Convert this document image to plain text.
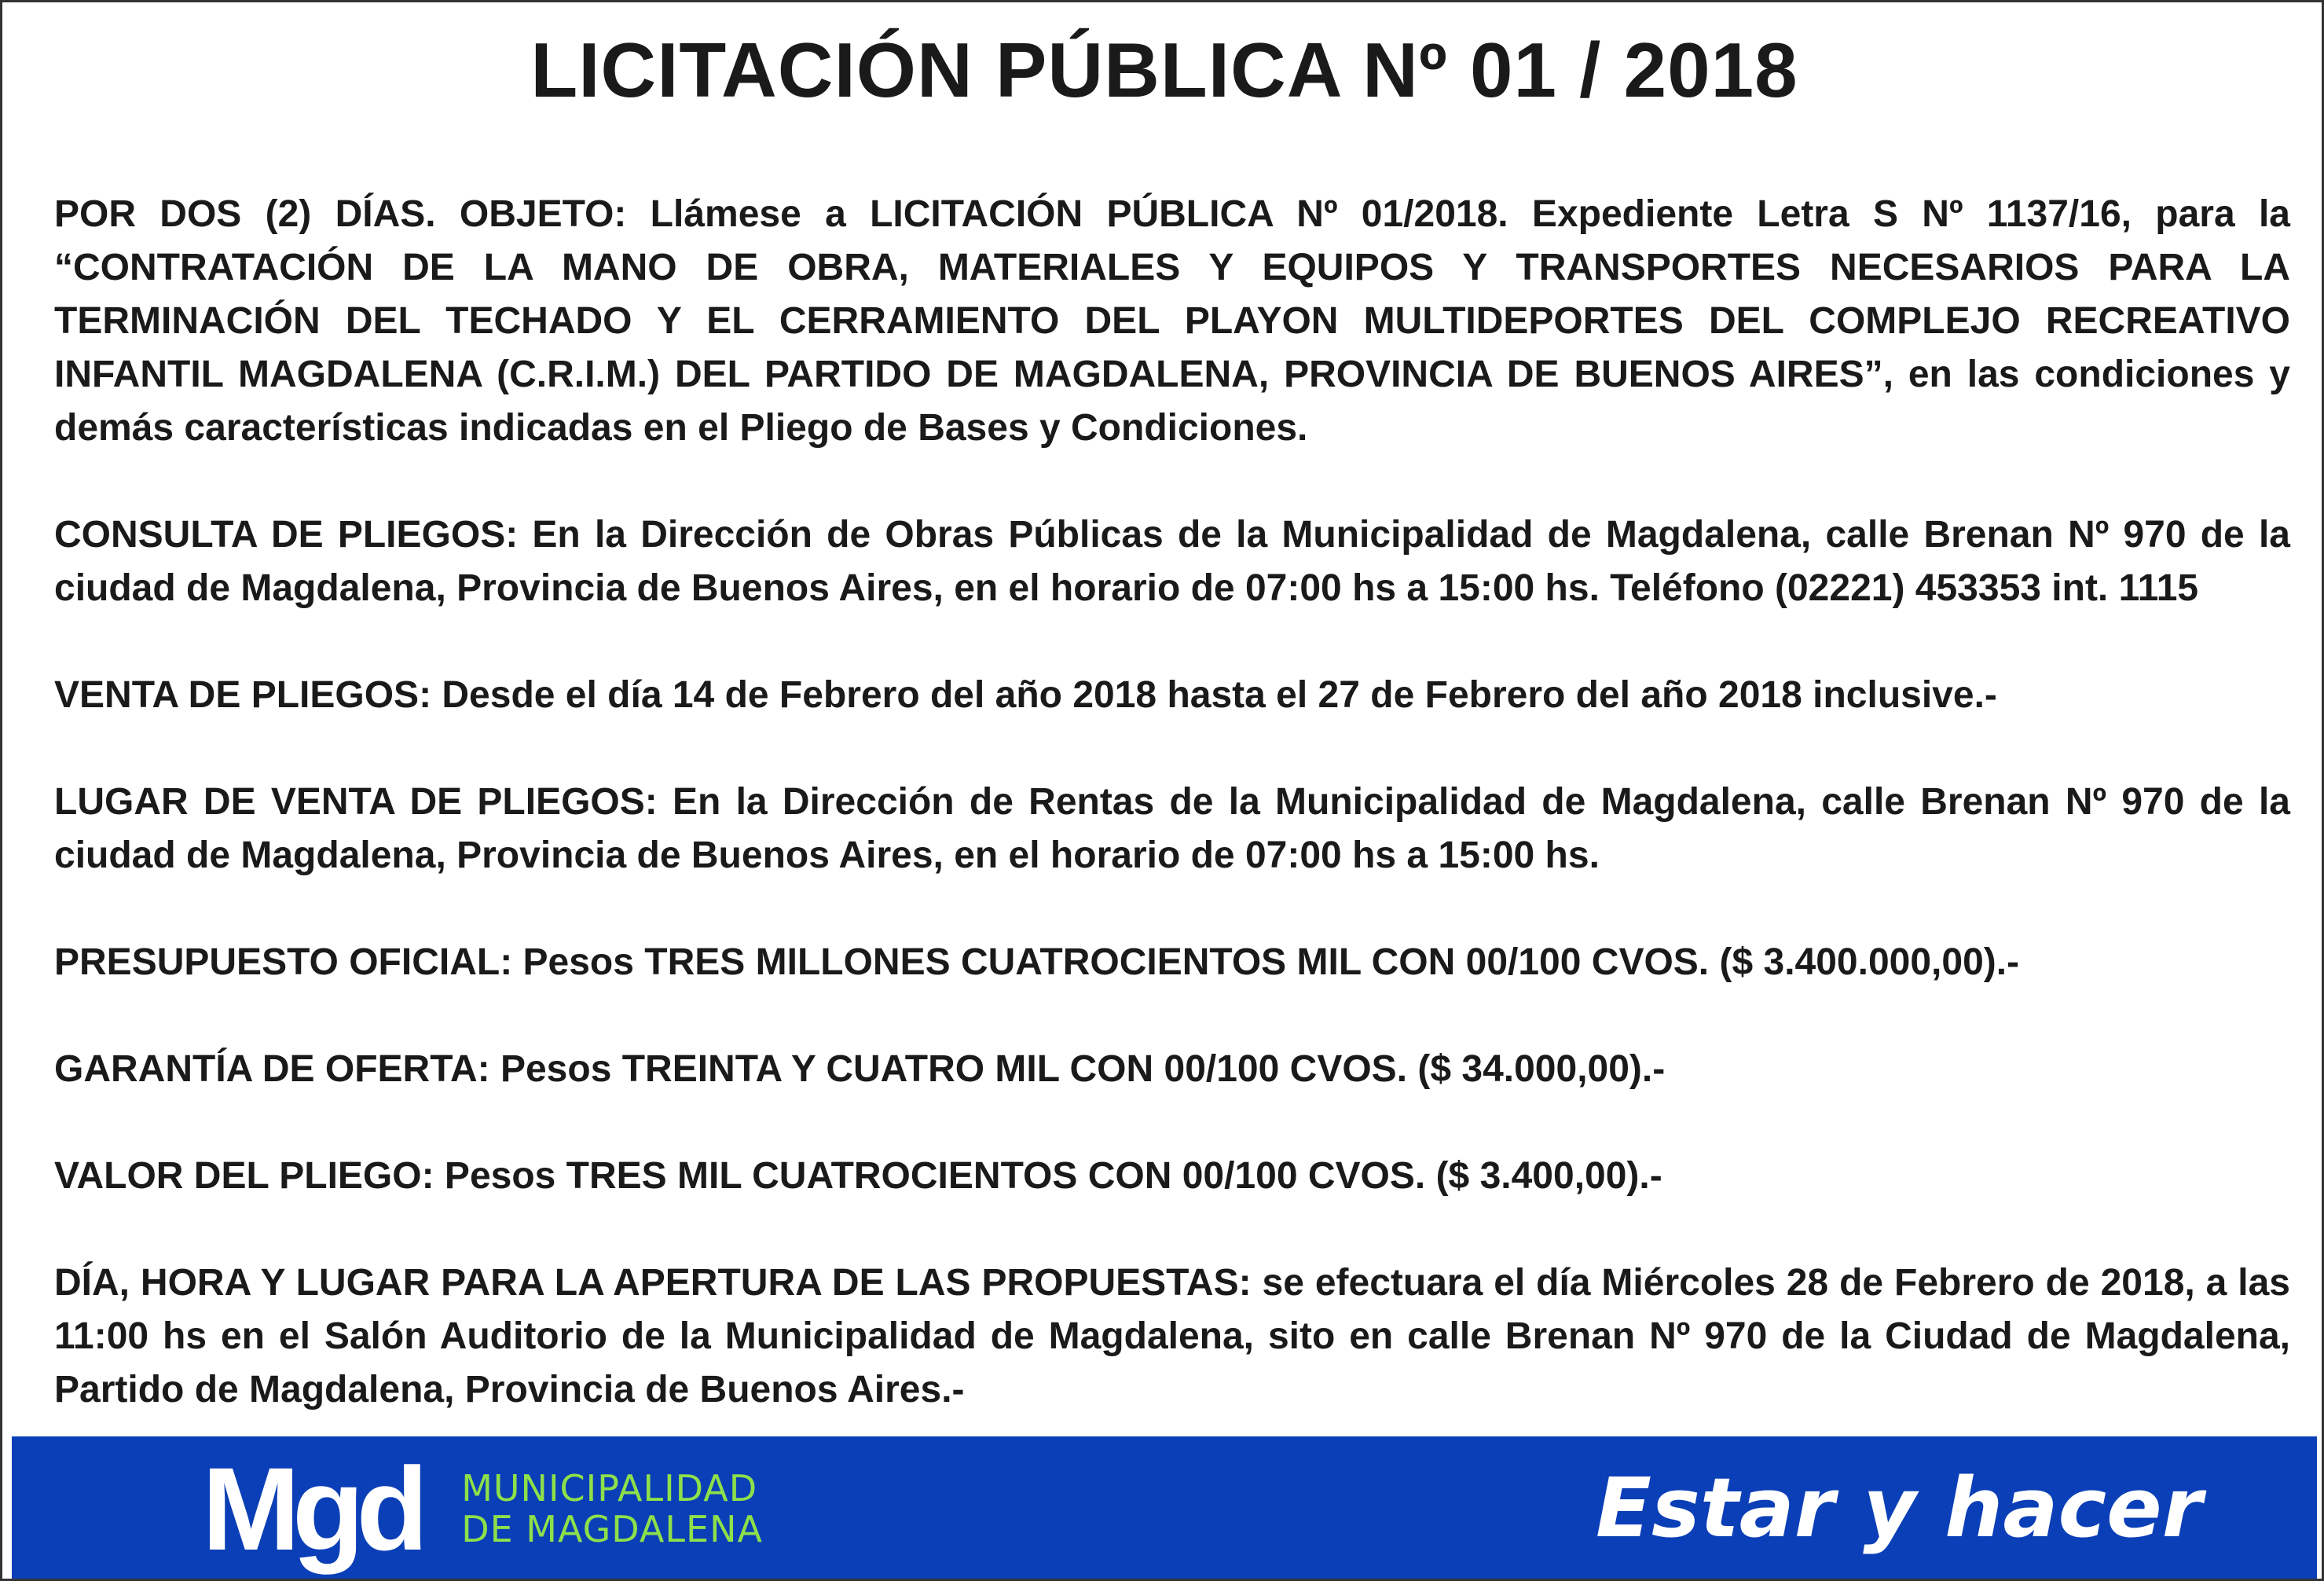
LICITACIÓN PÚBLICA Nº 01 / 2018

POR DOS (2) DÍAS. OBJETO: Llámese a LICITACIÓN PÚBLICA Nº 01/2018. Expediente Letra S Nº 1137/16, para la “CONTRATACIÓN DE LA MANO DE OBRA, MATERIALES Y EQUIPOS Y TRANSPORTES NECESARIOS PARA LA TERMINACIÓN DEL TECHADO Y EL CERRAMIENTO DEL PLAYON MULTIDEPORTES DEL COMPLEJO RECREATIVO INFANTIL MAGDALENA (C.R.I.M.) DEL PARTIDO DE MAGDALENA, PROVINCIA DE BUENOS AIRES”, en las condiciones y demás características indicadas en el Pliego de Bases y Condiciones.

CONSULTA DE PLIEGOS: En la Dirección de Obras Públicas de la Municipalidad de Magdalena, calle Brenan Nº 970 de la ciudad de Magdalena, Provincia de Buenos Aires, en el horario de 07:00 hs a 15:00 hs. Teléfono (02221) 453353 int. 1115

VENTA DE PLIEGOS: Desde el día 14 de Febrero del año 2018 hasta el 27 de Febrero del año 2018 inclusive.-

LUGAR DE VENTA DE PLIEGOS: En la Dirección de Rentas de la Municipalidad de Magdalena, calle Brenan Nº 970 de la ciudad de Magdalena, Provincia de Buenos Aires, en el horario de 07:00 hs a 15:00 hs.

PRESUPUESTO OFICIAL: Pesos TRES MILLONES CUATROCIENTOS MIL CON 00/100 CVOS. ($ 3.400.000,00).-

GARANTÍA DE OFERTA: Pesos TREINTA Y CUATRO MIL CON 00/100 CVOS. ($ 34.000,00).-

VALOR DEL PLIEGO: Pesos TRES MIL CUATROCIENTOS CON 00/100 CVOS. ($ 3.400,00).-

DÍA, HORA Y LUGAR PARA LA APERTURA DE LAS PROPUESTAS: se efectuara el día Miércoles 28 de Febrero de 2018, a las 11:00 hs en el Salón Auditorio de la Municipalidad de Magdalena, sito en calle Brenan Nº 970 de la Ciudad de Magdalena, Partido de Magdalena, Provincia de Buenos Aires.-

Mgd MUNICIPALIDAD
DE MAGDALENA	Estar y hacer
